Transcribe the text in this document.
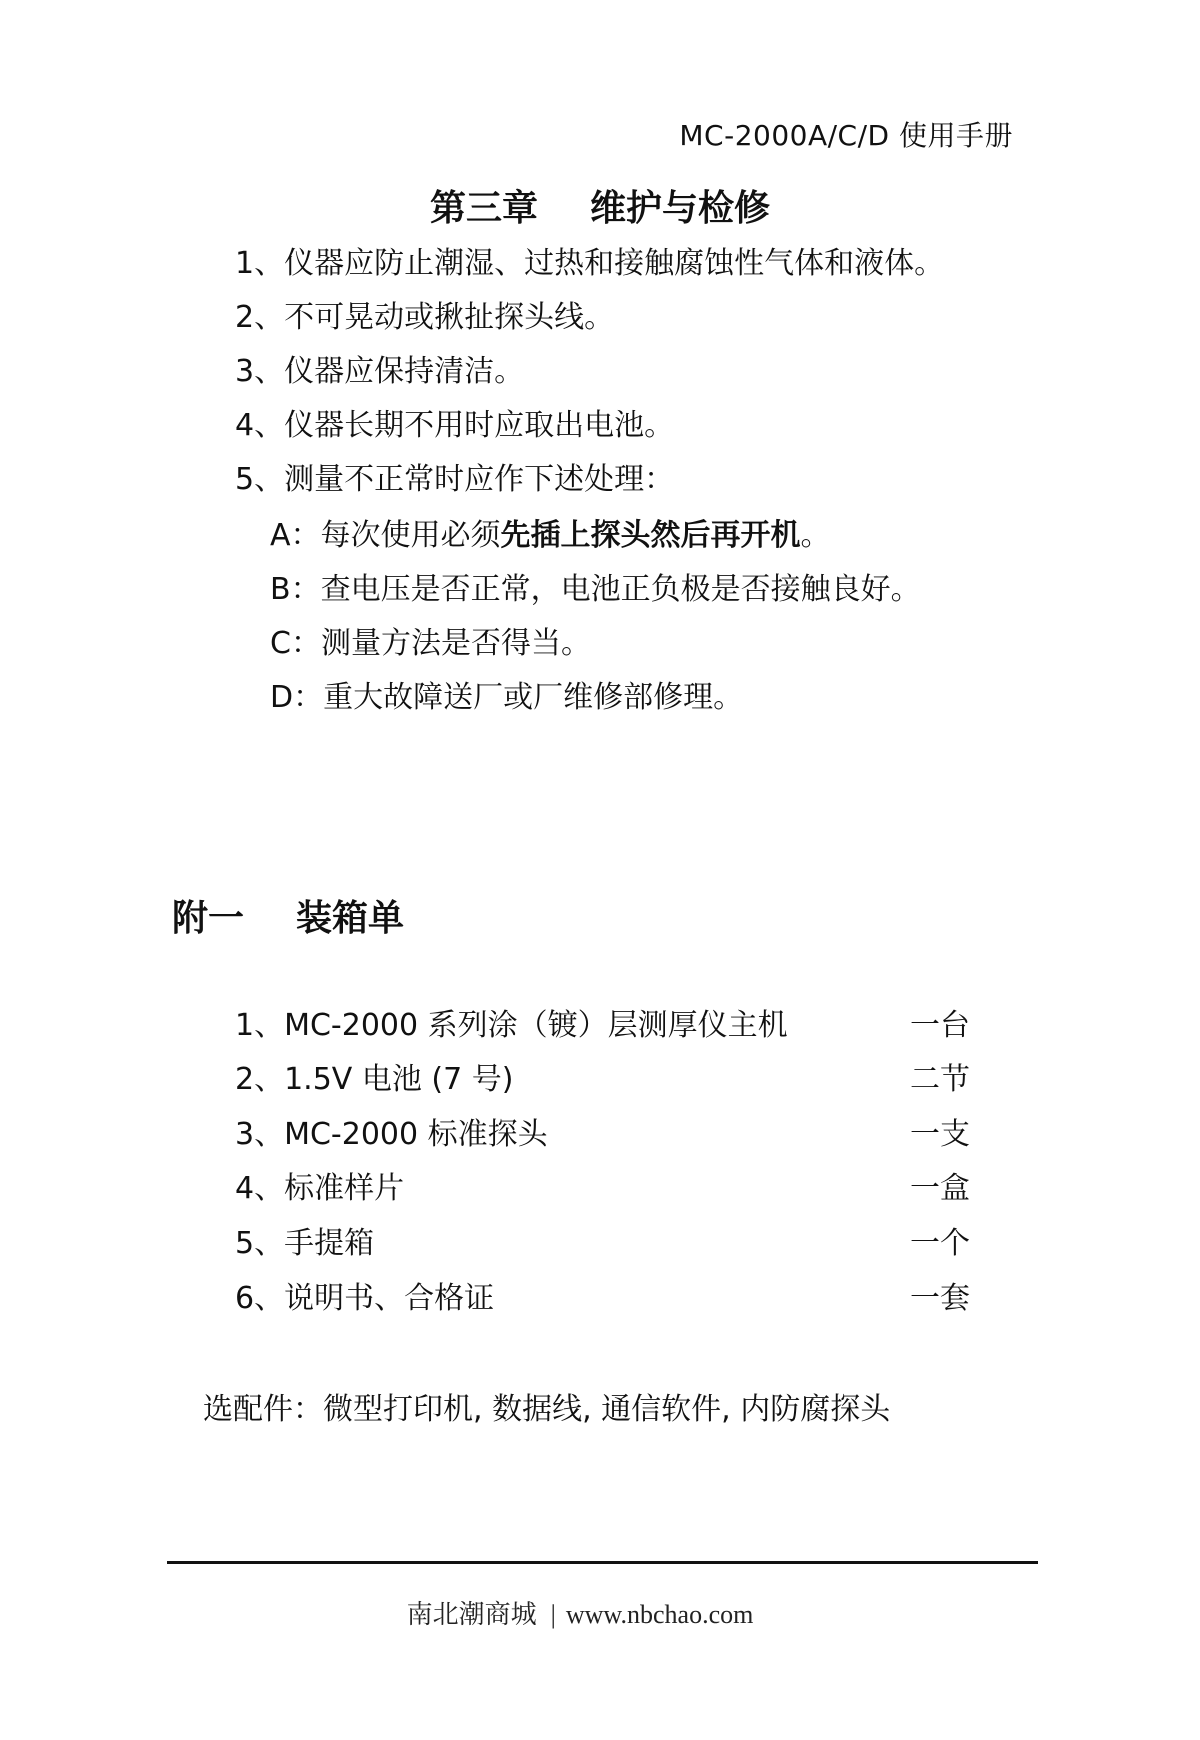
MC-2000A/C/D 使用手册
第三章 维护与检修
1、仪器应防止潮湿、过热和接触腐蚀性气体和液体。
2、不可晃动或揪扯探头线。
3、仪器应保持清洁。
4、仪器长期不用时应取出电池。
5、测量不正常时应作下述处理：
A：每次使用必须先插上探头然后再开机。
B：查电压是否正常，电池正负极是否接触良好。
C：测量方法是否得当。
D：重大故障送厂或厂维修部修理。
附一 装箱单
1、MC-2000 系列涂（镀）层测厚仪主机	一台
2、1.5V 电池 (7 号)	二节
3、MC-2000 标准探头	一支
4、标准样片	一盒
5、手提箱	一个
6、说明书、合格证	一套
选配件：微型打印机, 数据线, 通信软件, 内防腐探头
南北潮商城 | www.nbchao.com
